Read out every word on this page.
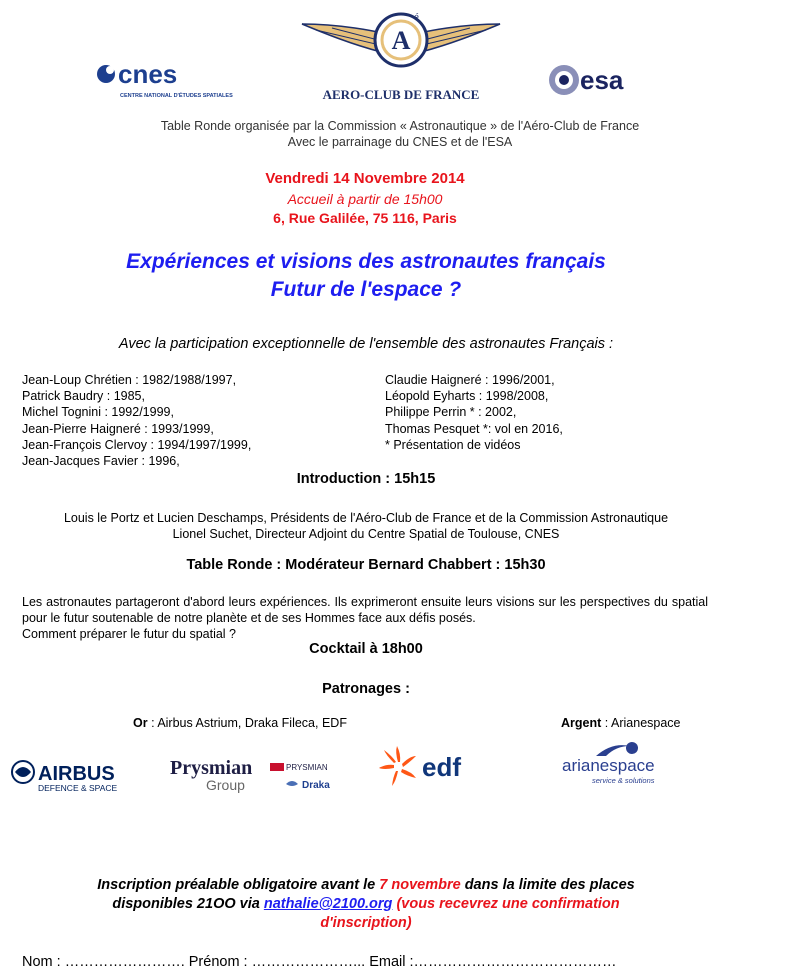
cnes
CENTRE NATIONAL D'ÉTUDES SPATIALES
A
é
AERO-CLUB DE FRANCE	esa
Table Ronde organisée par la Commission « Astronautique » de l'Aéro-Club de France
Avec le parrainage du CNES et de l'ESA
Vendredi 14 Novembre 2014
Accueil à partir de 15h00
6, Rue Galilée, 75 116, Paris
Expériences et visions des astronautes français
Futur de l'espace ?
Avec la participation exceptionnelle de l'ensemble des astronautes Français :
Jean-Loup Chrétien : 1982/1988/1997,
Patrick Baudry : 1985,
Michel Tognini : 1992/1999,
Jean-Pierre Haigneré : 1993/1999,
Jean-François Clervoy : 1994/1997/1999,
Jean-Jacques Favier : 1996,
Claudie Haigneré : 1996/2001,
Léopold Eyharts : 1998/2008,
Philippe Perrin * : 2002,
Thomas Pesquet *: vol en 2016,
* Présentation de vidéos
Introduction : 15h15
Louis le Portz et Lucien Deschamps, Présidents de l'Aéro-Club de France et de la Commission Astronautique
Lionel Suchet, Directeur Adjoint du Centre Spatial de Toulouse, CNES
Table Ronde : Modérateur Bernard Chabbert : 15h30
Les astronautes partageront d'abord leurs expériences. Ils exprimeront ensuite leurs visions sur les perspectives du spatial pour le futur soutenable de notre planète et de ses Hommes face aux défis posés.
Comment préparer le futur du spatial ?
Cocktail à 18h00
Patronages :
Or : Airbus Astrium, Draka Fileca, EDF	Argent : Arianespace
AIRBUS
DEFENCE & SPACE
Prysmian
Group
PRYSMIAN
Draka
edf	arianespace
service & solutions
Inscription préalable obligatoire avant le 7 novembre dans la limite des places
disponibles 21OO via nathalie@2100.org (vous recevrez une confirmation
d'inscription)
Nom : ……………………. Prénom : …………………... Email :……………………………………
